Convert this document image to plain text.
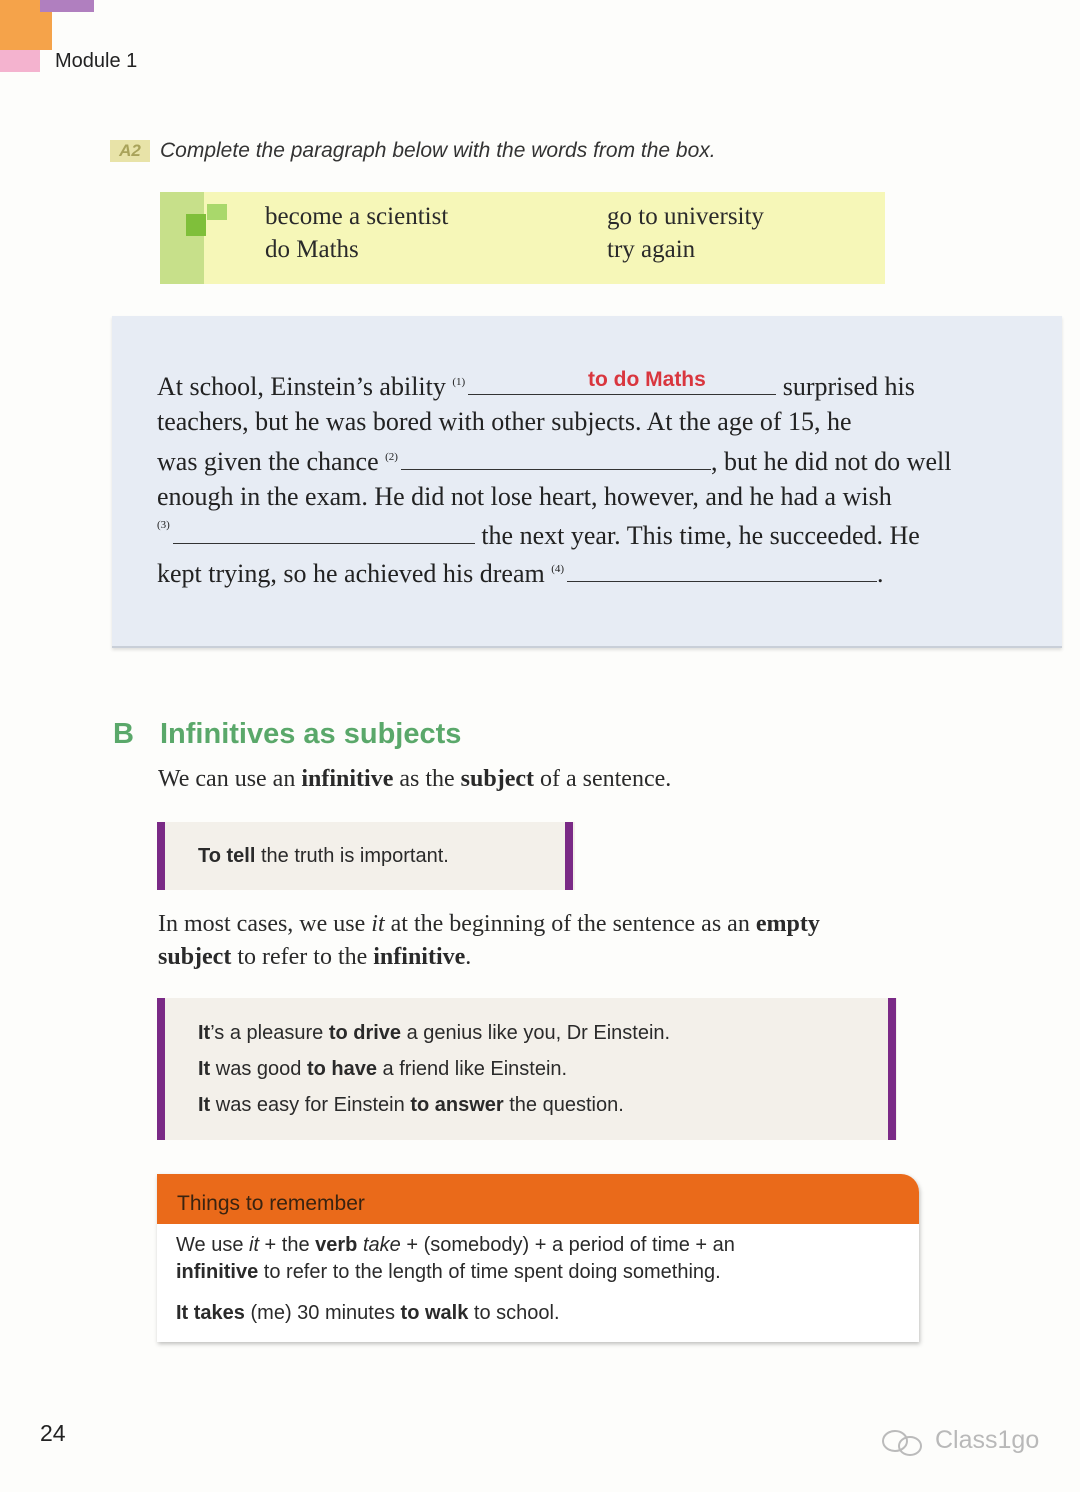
Module 1
A2 Complete the paragraph below with the words from the box.
become a scientist	go to university
do Maths	try again
At school, Einstein’s ability $^{(1)}$	surprised his
to do Maths
teachers, but he was bored with other subjects. At the age of 15, he
was given the chance $^{(2)}$	, but he did not do well
enough in the exam. He did not lose heart, however, and he had a wish
$^{(3)}$	the next year. This time, he succeeded. He
kept trying, so he achieved his dream $^{(4)}$	.
B Infinitives as subjects
We can use an infinitive as the subject of a sentence.
To tell the truth is important.
In most cases, we use it at the beginning of the sentence as an empty
subject to refer to the infinitive.
It’s a pleasure to drive a genius like you, Dr Einstein.
It was good to have a friend like Einstein.
It was easy for Einstein to answer the question.
Things to remember
We use it + the verb take + (somebody) + a period of time + an
infinitive to refer to the length of time spent doing something.
It takes (me) 30 minutes to walk to school.
24	Class1go
